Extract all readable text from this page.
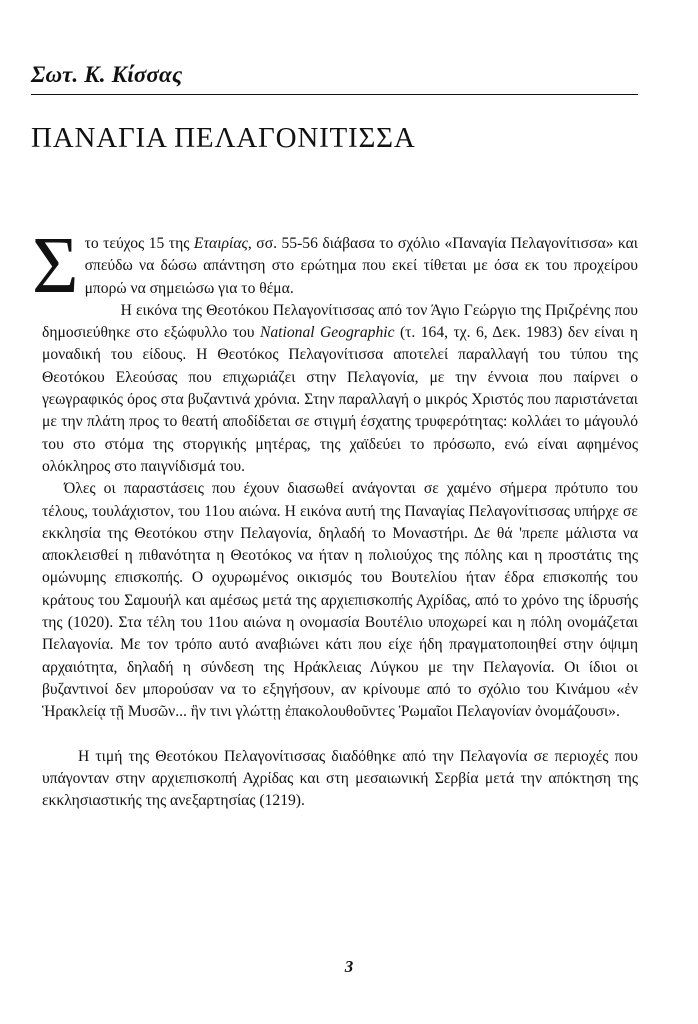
Σωτ. Κ. Κίσσας
ΠΑΝΑΓΙΑ ΠΕΛΑΓΟΝΙΤΙΣΣΑ

Στο τεύχος 15 της Εταιρίας, σσ. 55-56 διάβασα το σχόλιο «Παναγία Πελαγονίτισσα» και σπεύδω να δώσω απάντηση στο ερώτημα που εκεί τίθεται με όσα εκ του προχείρου μπορώ να σημειώσω για το θέμα.

Η εικόνα της Θεοτόκου Πελαγονίτισσας από τον Άγιο Γεώργιο της Πριζρένης που δημοσιεύθηκε στο εξώφυλλο του National Geographic (τ. 164, τχ. 6, Δεκ. 1983) δεν είναι η μοναδική του είδους. Η Θεοτόκος Πελαγονίτισσα αποτελεί παραλλαγή του τύπου της Θεοτόκου Ελεούσας που επιχωριάζει στην Πελαγονία, με την έννοια που παίρνει ο γεωγραφικός όρος στα βυζαντινά χρόνια. Στην παραλλαγή ο μικρός Χριστός που παριστάνεται με την πλάτη προς το θεατή αποδίδεται σε στιγμή έσχατης τρυφερότητας: κολλάει το μάγουλό του στο στόμα της στοργικής μητέρας, της χαϊδεύει το πρόσωπο, ενώ είναι αφημένος ολόκληρος στο παιγνίδισμά του.

Όλες οι παραστάσεις που έχουν διασωθεί ανάγονται σε χαμένο σήμερα πρότυπο του τέλους, τουλάχιστον, του 11ου αιώνα. Η εικόνα αυτή της Παναγίας Πελαγονίτισσας υπήρχε σε εκκλησία της Θεοτόκου στην Πελαγονία, δηλαδή το Μοναστήρι. Δε θά 'πρεπε μάλιστα να αποκλεισθεί η πιθανότητα η Θεοτόκος να ήταν η πολιούχος της πόλης και η προστάτις της ομώνυμης επισκοπής. Ο οχυρωμένος οικισμός του Βουτελίου ήταν έδρα επισκοπής του κράτους του Σαμουήλ και αμέσως μετά της αρχιεπισκοπής Αχρίδας, από το χρόνο της ίδρυσής της (1020). Στα τέλη του 11ου αιώνα η ονομασία Βουτέλιο υποχωρεί και η πόλη ονομάζεται Πελαγονία. Με τον τρόπο αυτό αναβιώνει κάτι που είχε ήδη πραγματοποιηθεί στην όψιμη αρχαιότητα, δηλαδή η σύνδεση της Ηράκλειας Λύγκου με την Πελαγονία. Οι ίδιοι οι βυζαντινοί δεν μπορούσαν να το εξηγήσουν, αν κρίνουμε από το σχόλιο του Κινάμου «ἐν Ἡρακλείᾳ τῇ Μυσῶν... ἣν τινι γλώττῃ ἐπακολουθοῦντες Ῥωμαῖοι Πελαγονίαν ὀνομάζουσι».

Η τιμή της Θεοτόκου Πελαγονίτισσας διαδόθηκε από την Πελαγονία σε περιοχές που υπάγονταν στην αρχιεπισκοπή Αχρίδας και στη μεσαιωνική Σερβία μετά την απόκτηση της εκκλησιαστικής της ανεξαρτησίας (1219).

3
